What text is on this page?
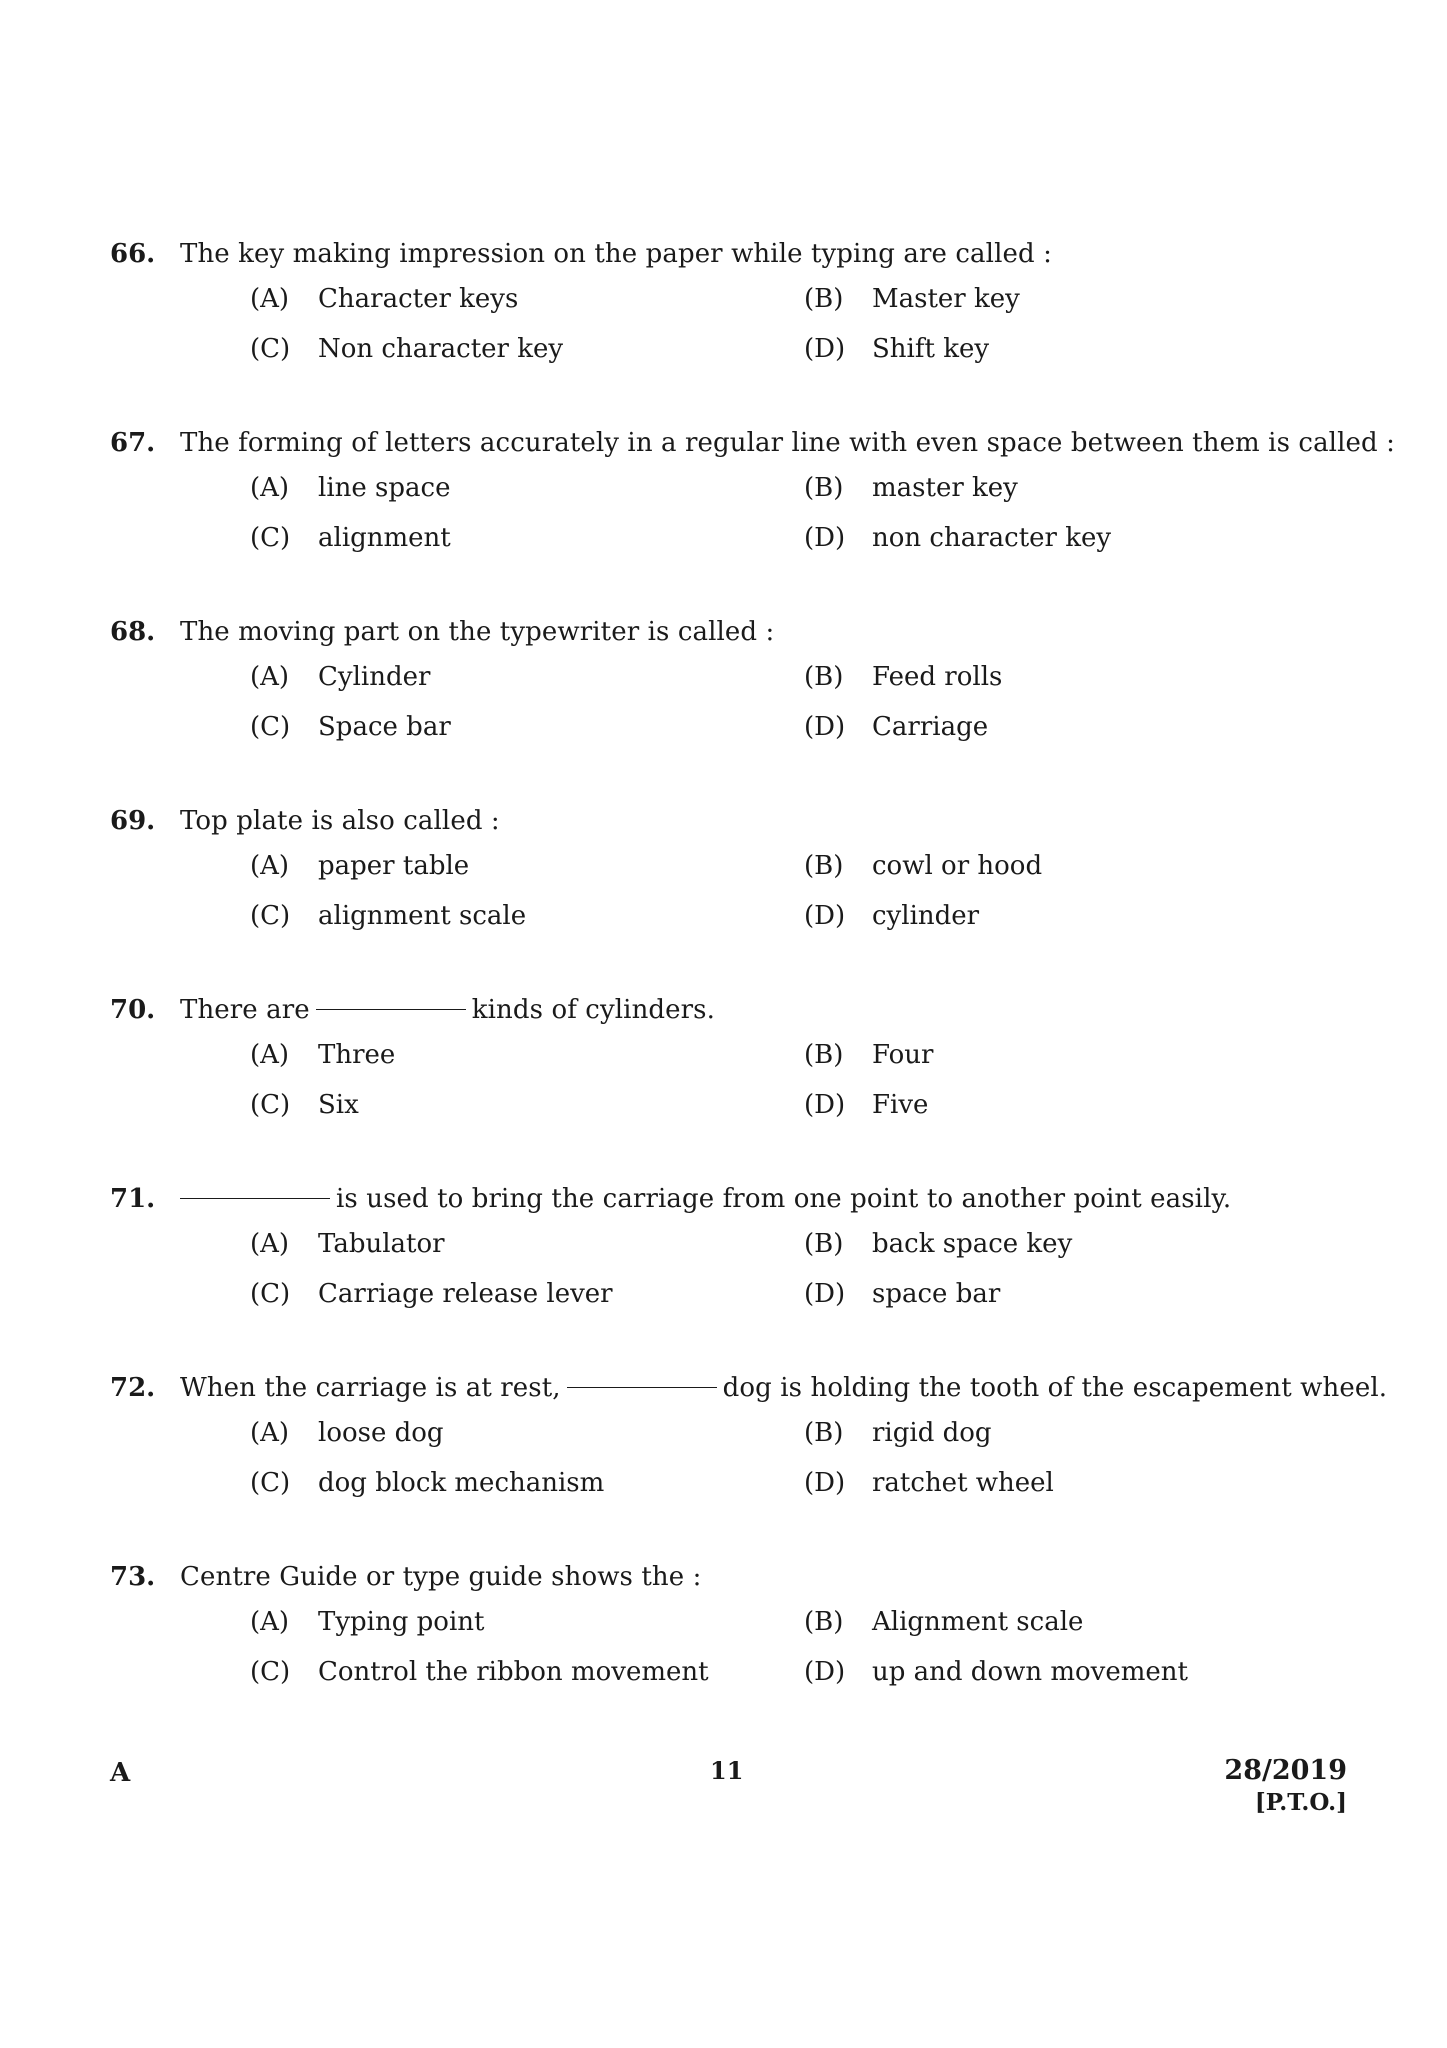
66. The key making impression on the paper while typing are called :
(A) Character keys	(B) Master key
(C) Non character key	(D) Shift key
67. The forming of letters accurately in a regular line with even space between them is called :
(A) line space	(B) master key
(C) alignment	(D) non character key
68. The moving part on the typewriter is called :
(A) Cylinder	(B) Feed rolls
(C) Space bar	(D) Carriage
69. Top plate is also called :
(A) paper table	(B) cowl or hood
(C) alignment scale	(D) cylinder
70. There are	kinds of cylinders.
(A) Three	(B) Four
(C) Six	(D) Five
71.	is used to bring the carriage from one point to another point easily.
(A) Tabulator	(B) back space key
(C) Carriage release lever	(D) space bar
72. When the carriage is at rest,	dog is holding the tooth of the escapement wheel.
(A) loose dog	(B) rigid dog
(C) dog block mechanism	(D) ratchet wheel
73. Centre Guide or type guide shows the :
(A) Typing point	(B) Alignment scale
(C) Control the ribbon movement	(D) up and down movement
A	11	28/2019
[P.T.O.]
